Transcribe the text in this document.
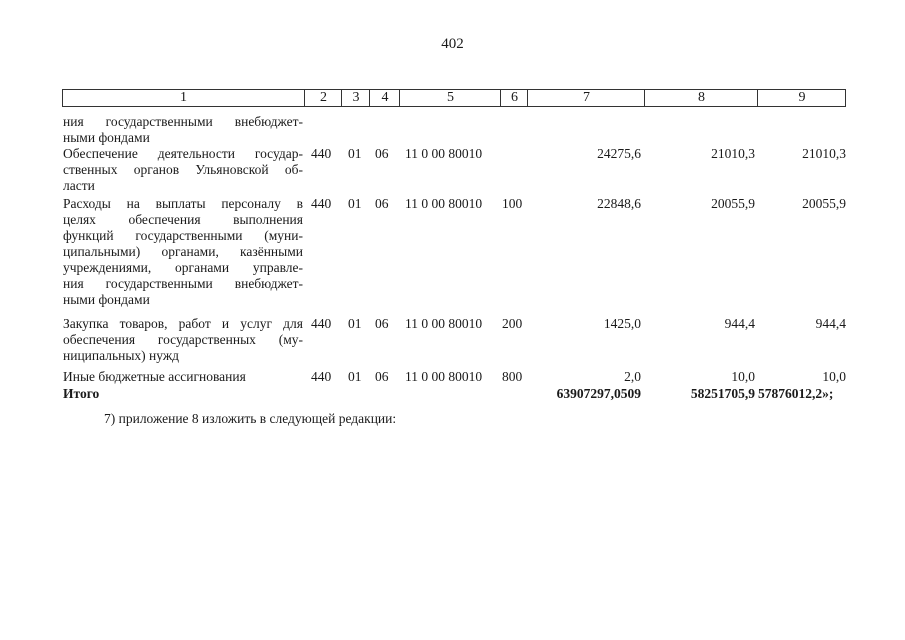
402
1	2	3	4	5	6	7	8	9
ния государственными внебюджет-
ными фондами
Обеспечение деятельности государ-
ственных органов Ульяновской об-
ласти
440 01 06 11 0 00 80010	24275,6	21010,3	21010,3
Расходы на выплаты персоналу в
целях обеспечения выполнения
функций государственными (муни-
ципальными) органами, казёнными
учреждениями, органами управле-
ния государственными внебюджет-
ными фондами
440 01 06 11 0 00 80010 100	22848,6	20055,9	20055,9
Закупка товаров, работ и услуг для
обеспечения государственных (му-
ниципальных) нужд
440 01 06 11 0 00 80010 200	1425,0	944,4	944,4
Иные бюджетные ассигнования	440 01 06 11 0 00 80010 800	2,0	10,0	10,0
Итого	63907297,0509	58251705,9 57876012,2»;
7) приложение 8 изложить в следующей редакции:
